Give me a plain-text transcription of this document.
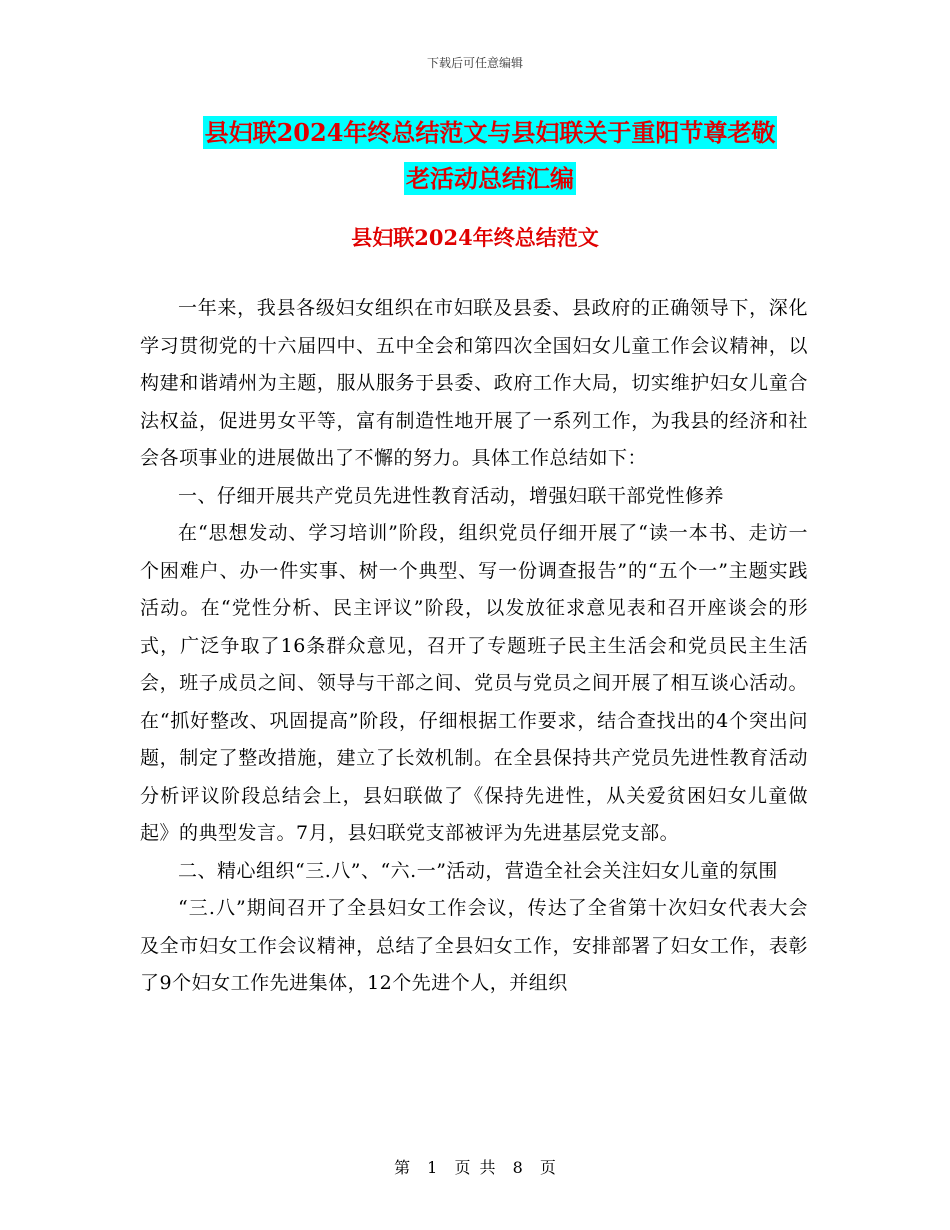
下载后可任意编辑
县妇联2024年终总结范文与县妇联关于重阳节尊老敬
老活动总结汇编
县妇联2024年终总结范文

一年来，我县各级妇女组织在市妇联及县委、县政府的正确领导下，深化学习贯彻党的十六届四中、五中全会和第四次全国妇女儿童工作会议精神，以构建和谐靖州为主题，服从服务于县委、政府工作大局，切实维护妇女儿童合法权益，促进男女平等，富有制造性地开展了一系列工作，为我县的经济和社会各项事业的进展做出了不懈的努力。具体工作总结如下：

一、仔细开展共产党员先进性教育活动，增强妇联干部党性修养

在“思想发动、学习培训”阶段，组织党员仔细开展了“读一本书、走访一个困难户、办一件实事、树一个典型、写一份调查报告”的“五个一”主题实践活动。在“党性分析、民主评议”阶段，以发放征求意见表和召开座谈会的形式，广泛争取了16条群众意见，召开了专题班子民主生活会和党员民主生活会，班子成员之间、领导与干部之间、党员与党员之间开展了相互谈心活动。在“抓好整改、巩固提高”阶段，仔细根据工作要求，结合查找出的4个突出问题，制定了整改措施，建立了长效机制。在全县保持共产党员先进性教育活动分析评议阶段总结会上，县妇联做了《保持先进性，从关爱贫困妇女儿童做起》的典型发言。7月，县妇联党支部被评为先进基层党支部。

二、精心组织“三.八”、“六.一”活动，营造全社会关注妇女儿童的氛围

“三.八”期间召开了全县妇女工作会议，传达了全省第十次妇女代表大会及全市妇女工作会议精神，总结了全县妇女工作，安排部署了妇女工作，表彰了9个妇女工作先进集体，12个先进个人，并组织

第 1 页 共 8 页
